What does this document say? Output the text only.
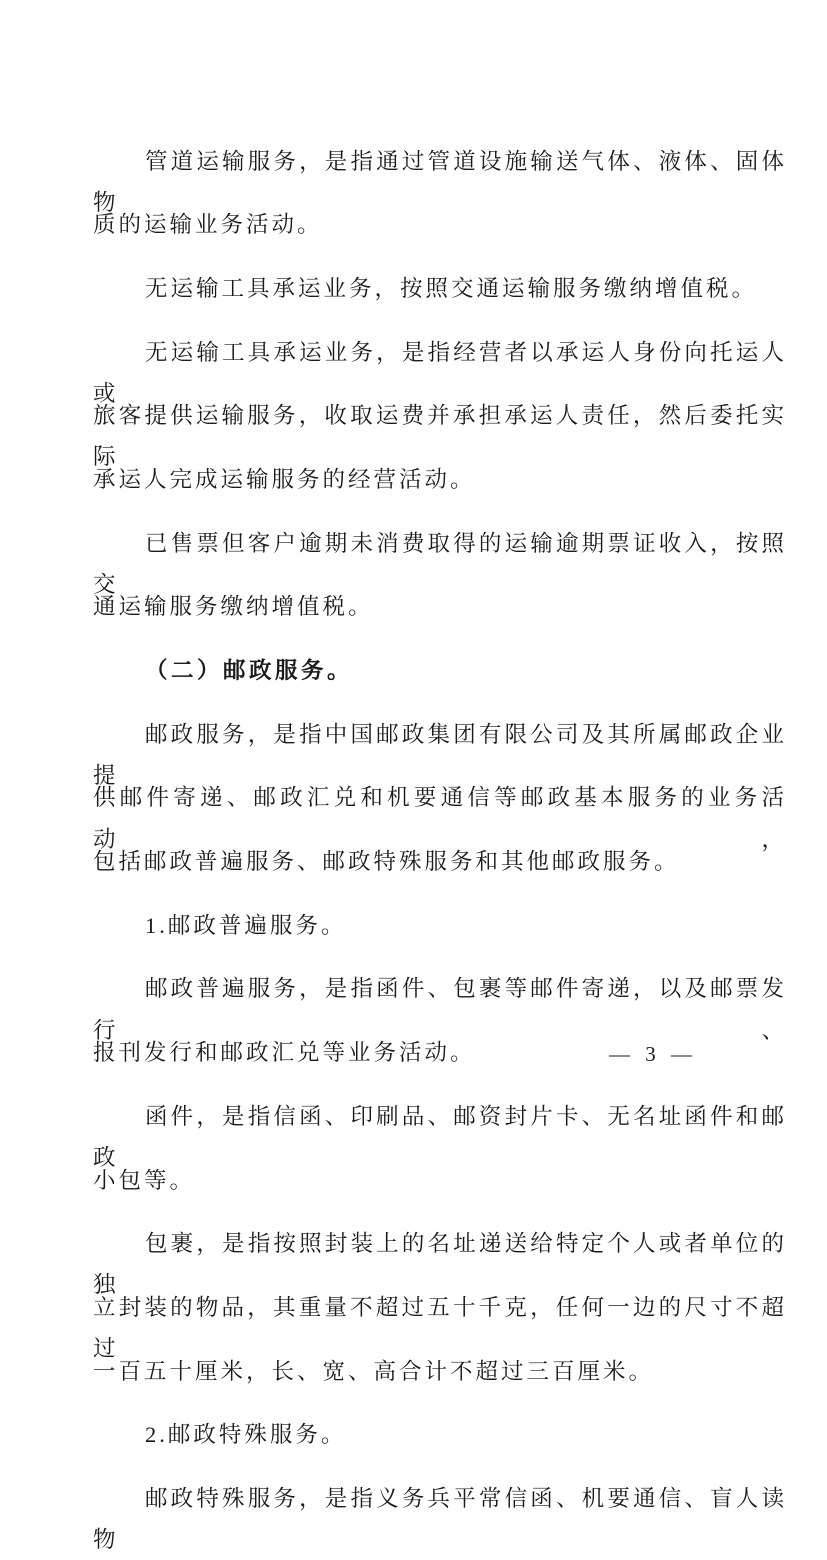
管道运输服务，是指通过管道设施输送气体、液体、固体物

质的运输业务活动。

无运输工具承运业务，按照交通运输服务缴纳增值税。

无运输工具承运业务，是指经营者以承运人身份向托运人或

旅客提供运输服务，收取运费并承担承运人责任，然后委托实际

承运人完成运输服务的经营活动。

已售票但客户逾期未消费取得的运输逾期票证收入，按照交

通运输服务缴纳增值税。

（二）邮政服务。

邮政服务，是指中国邮政集团有限公司及其所属邮政企业提

供邮件寄递、邮政汇兑和机要通信等邮政基本服务的业务活动，

包括邮政普遍服务、邮政特殊服务和其他邮政服务。

1.邮政普遍服务。

邮政普遍服务，是指函件、包裹等邮件寄递，以及邮票发行、

报刊发行和邮政汇兑等业务活动。

函件，是指信函、印刷品、邮资封片卡、无名址函件和邮政

小包等。

包裹，是指按照封装上的名址递送给特定个人或者单位的独

立封装的物品，其重量不超过五十千克，任何一边的尺寸不超过

一百五十厘米，长、宽、高合计不超过三百厘米。

2.邮政特殊服务。

邮政特殊服务，是指义务兵平常信函、机要通信、盲人读物

— 3 —
